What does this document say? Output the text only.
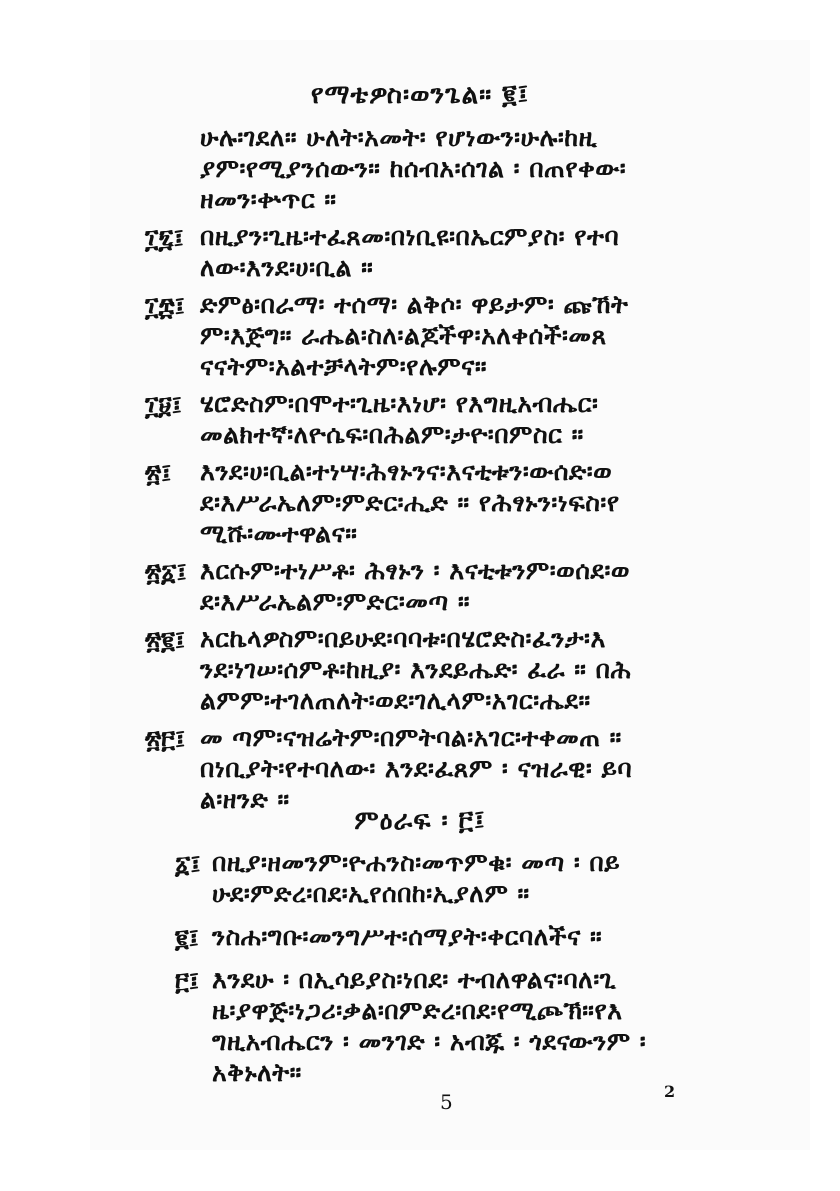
የማቴዎስ፡ወንጌል። ፪፤
ሁሉ፡ገደለ። ሁለት፡አመት፡ የሆነውን፡ሁሉ፡ከዚ
ያም፡የሚያንሰውን። ከሰብአ፡ሰገል ፡ በጠየቀው፡
ዘመን፡ቍጥር ።
፲፯፤ በዚያን፡ጊዜ፡ተፈጸመ፡በነቢዩ፡በኤርምያስ፡ የተባ
ለው፡እንደ፡ሀ፡ቢል ።
፲፰፤ ድምፅ፡በራማ፡ ተሰማ፡ ልቅሶ፡ ዋይታም፡ ጩኸት
ም፡እጅግ። ራሔል፡ስለ፡ልጆችዋ፡አለቀሰች፡መጸ
ናናትም፡አልተቻላትም፡የሉምና።
፲፱፤ ሄሮድስም፡በሞተ፡ጊዜ፡እነሆ፡ የእግዚአብሔር፡
መልክተኛ፡ለዮሴፍ፡በሕልም፡ታዮ፡በምስር ።
፳፤ እንደ፡ሀ፡ቢል፡ተነሣ፡ሕፃኑንና፡እናቲቱን፡ውሰድ፡ወ
ደ፡እሥራኤለም፡ምድር፡ሒድ ። የሕፃኑን፡ነፍስ፡የ
ሚሹ፡ሙተዋልና።
፳፩፤ እርሱም፡ተነሥቶ፡ ሕፃኑን ፡ እናቲቱንም፡ወሰደ፡ወ
ደ፡እሥራኤልም፡ምድር፡መጣ ።
፳፪፤ አርኬላዎስም፡በይሁደ፡ባባቱ፡በሄሮድስ፡ፈንታ፡እ
ንደ፡ነገሠ፡ሰምቶ፡ከዚያ፡ እንደይሔድ፡ ፈራ ። በሕ
ልምም፡ተገለጠለት፡ወደ፡ገሊላም፡አገር፡ሔደ።
፳፫፤ መ ጣም፡ናዝሬትም፡በምትባል፡አገር፡ተቀመጠ ።
በነቢያት፡የተባለው፡ እንደ፡ፈጸም ፡ ናዝራዊ፡ ይባ
ል፡ዘንድ ።
ምዕራፍ ፡ ፫፤
፩፤ በዚያ፡ዘመንም፡ዮሐንስ፡መጥምቁ፡ መጣ ፡ በይ
ሁደ፡ምድረ፡በደ፡ኢየሰበከ፡ኢያለም ።
፪፤ ንስሐ፡ግቡ፡መንግሥተ፡ሰማያት፡ቀርባለችና ።
፫፤ እንደሁ ፡ በኢሳይያስ፡ነበደ፡ ተብለዋልና፡ባለ፡ጊ
ዜ፡ያዋጅ፡ነጋሪ፡ቃል፡በምድረ፡በደ፡የሚጮኽ።የእ
ግዚአብሔርን ፡ መንገድ ፡ አብጁ ፡ ጎደናውንም ፡
አቅኑለት።
5	2
